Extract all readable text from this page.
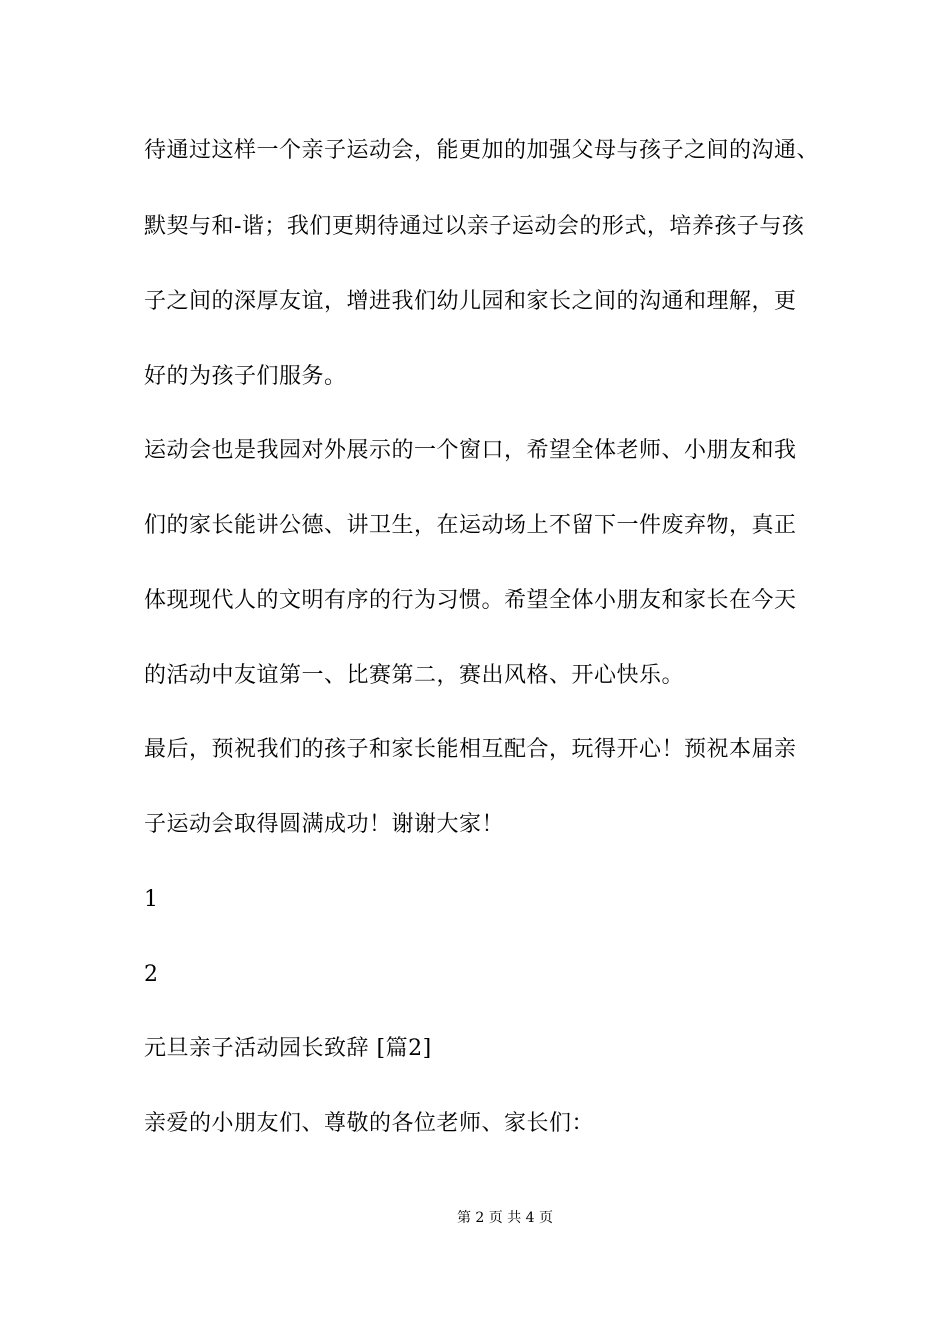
待通过这样一个亲子运动会，能更加的加强父母与孩子之间的沟通、
默契与和-谐；我们更期待通过以亲子运动会的形式，培养孩子与孩
子之间的深厚友谊，增进我们幼儿园和家长之间的沟通和理解，更
好的为孩子们服务。
运动会也是我园对外展示的一个窗口，希望全体老师、小朋友和我
们的家长能讲公德、讲卫生，在运动场上不留下一件废弃物，真正
体现现代人的文明有序的行为习惯。希望全体小朋友和家长在今天
的活动中友谊第一、比赛第二，赛出风格、开心快乐。
最后，预祝我们的孩子和家长能相互配合，玩得开心！预祝本届亲
子运动会取得圆满成功！谢谢大家！
1
2
元旦亲子活动园长致辞 [篇2]
亲爱的小朋友们、尊敬的各位老师、家长们：
第 2 页 共 4 页
